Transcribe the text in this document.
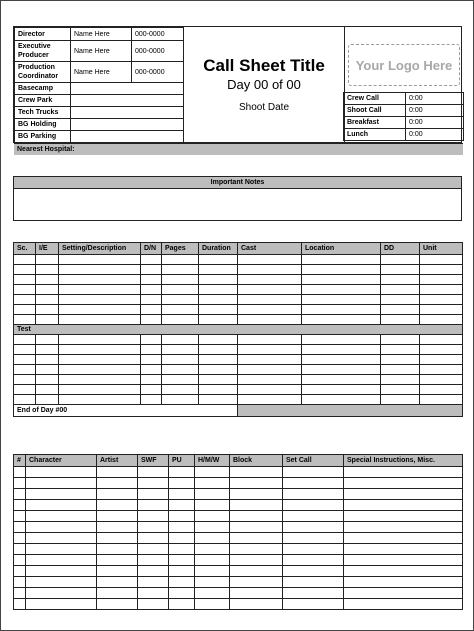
Director	Name Here	000-0000
Executive Producer	Name Here	000-0000
Production Coordinator	Name Here	000-0000
Basecamp		
Crew Park		
Tech Trucks		
BG Holding		
BG Parking		
Call Sheet Title
Day 00 of 00
Shoot Date
Your Logo Here
Crew Call	0:00
Shoot Call	0:00
Breakfast	0:00
Lunch	0:00
Nearest Hospital:
Important Notes
Sc.	I/E	Setting/Description	D/N	Pages	Duration	Cast	Location	DD	Unit

Test									

End of Day #00									
#	Character	Artist	SWF	PU	H/M/W	Block	Set Call	Special Instructions, Misc.
